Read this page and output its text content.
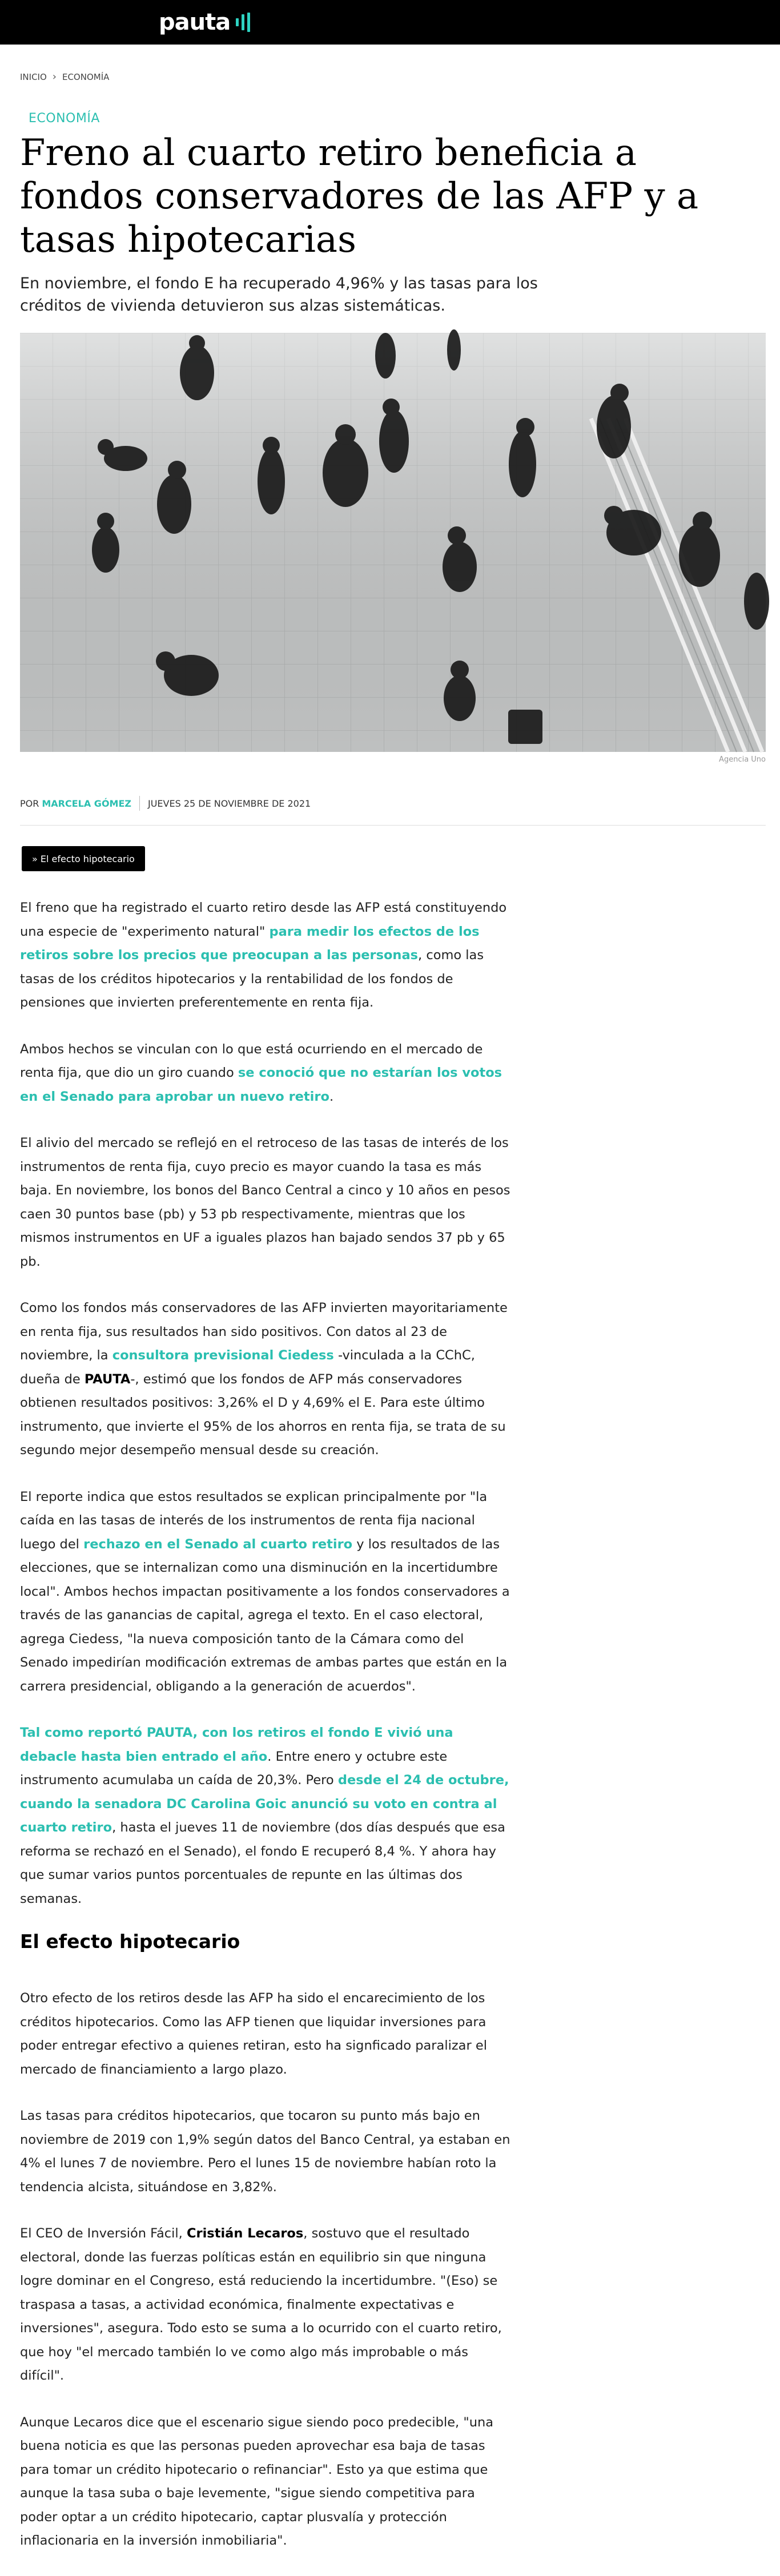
pauta
INICIO › ECONOMÍA
ECONOMÍA
Freno al cuarto retiro beneficia a fondos conservadores de las AFP y a tasas hipotecarias

En noviembre, el fondo E ha recuperado 4,96% y las tasas para los créditos de vivienda detuvieron sus alzas sistemáticas.

Agencia Uno
POR MARCELA GÓMEZ JUEVES 25 DE NOVIEMBRE DE 2021
» El efecto hipotecario

El freno que ha registrado el cuarto retiro desde las AFP está constituyendo una especie de "experimento natural" para medir los efectos de los retiros sobre los precios que preocupan a las personas, como las tasas de los créditos hipotecarios y la rentabilidad de los fondos de pensiones que invierten preferentemente en renta fija.

Ambos hechos se vinculan con lo que está ocurriendo en el mercado de renta fija, que dio un giro cuando se conoció que no estarían los votos en el Senado para aprobar un nuevo retiro.

El alivio del mercado se reflejó en el retroceso de las tasas de interés de los instrumentos de renta fija, cuyo precio es mayor cuando la tasa es más baja. En noviembre, los bonos del Banco Central a cinco y 10 años en pesos caen 30 puntos base (pb) y 53 pb respectivamente, mientras que los mismos instrumentos en UF a iguales plazos han bajado sendos 37 pb y 65 pb.

Como los fondos más conservadores de las AFP invierten mayoritariamente en renta fija, sus resultados han sido positivos. Con datos al 23 de noviembre, la consultora previsional Ciedess -vinculada a la CChC, dueña de PAUTA-, estimó que los fondos de AFP más conservadores obtienen resultados positivos: 3,26% el D y 4,69% el E. Para este último instrumento, que invierte el 95% de los ahorros en renta fija, se trata de su segundo mejor desempeño mensual desde su creación.

El reporte indica que estos resultados se explican principalmente por "la caída en las tasas de interés de los instrumentos de renta fija nacional luego del rechazo en el Senado al cuarto retiro y los resultados de las elecciones, que se internalizan como una disminución en la incertidumbre local". Ambos hechos impactan positivamente a los fondos conservadores a través de las ganancias de capital, agrega el texto. En el caso electoral, agrega Ciedess, "la nueva composición tanto de la Cámara como del Senado impedirían modificación extremas de ambas partes que están en la carrera presidencial, obligando a la generación de acuerdos".

Tal como reportó PAUTA, con los retiros el fondo E vivió una debacle hasta bien entrado el año. Entre enero y octubre este instrumento acumulaba un caída de 20,3%. Pero desde el 24 de octubre, cuando la senadora DC Carolina Goic anunció su voto en contra al cuarto retiro, hasta el jueves 11 de noviembre (dos días después que esa reforma se rechazó en el Senado), el fondo E recuperó 8,4 %. Y ahora hay que sumar varios puntos porcentuales de repunte en las últimas dos semanas.

El efecto hipotecario

Otro efecto de los retiros desde las AFP ha sido el encarecimiento de los créditos hipotecarios. Como las AFP tienen que liquidar inversiones para poder entregar efectivo a quienes retiran, esto ha signficado paralizar el mercado de financiamiento a largo plazo.

Las tasas para créditos hipotecarios, que tocaron su punto más bajo en noviembre de 2019 con 1,9% según datos del Banco Central, ya estaban en 4% el lunes 7 de noviembre. Pero el lunes 15 de noviembre habían roto la tendencia alcista, situándose en 3,82%.

El CEO de Inversión Fácil, Cristián Lecaros, sostuvo que el resultado electoral, donde las fuerzas políticas están en equilibrio sin que ninguna logre dominar en el Congreso, está reduciendo la incertidumbre. "(Eso) se traspasa a tasas, a actividad económica, finalmente expectativas e inversiones", asegura. Todo esto se suma a lo ocurrido con el cuarto retiro, que hoy "el mercado también lo ve como algo más improbable o más difícil".

Aunque Lecaros dice que el escenario sigue siendo poco predecible, "una buena noticia es que las personas pueden aprovechar esa baja de tasas para tomar un crédito hipotecario o refinanciar". Esto ya que estima que aunque la tasa suba o baje levemente, "sigue siendo competitiva para poder optar a un crédito hipotecario, captar plusvalía y protección inflacionaria en la inversión inmobiliaria".
